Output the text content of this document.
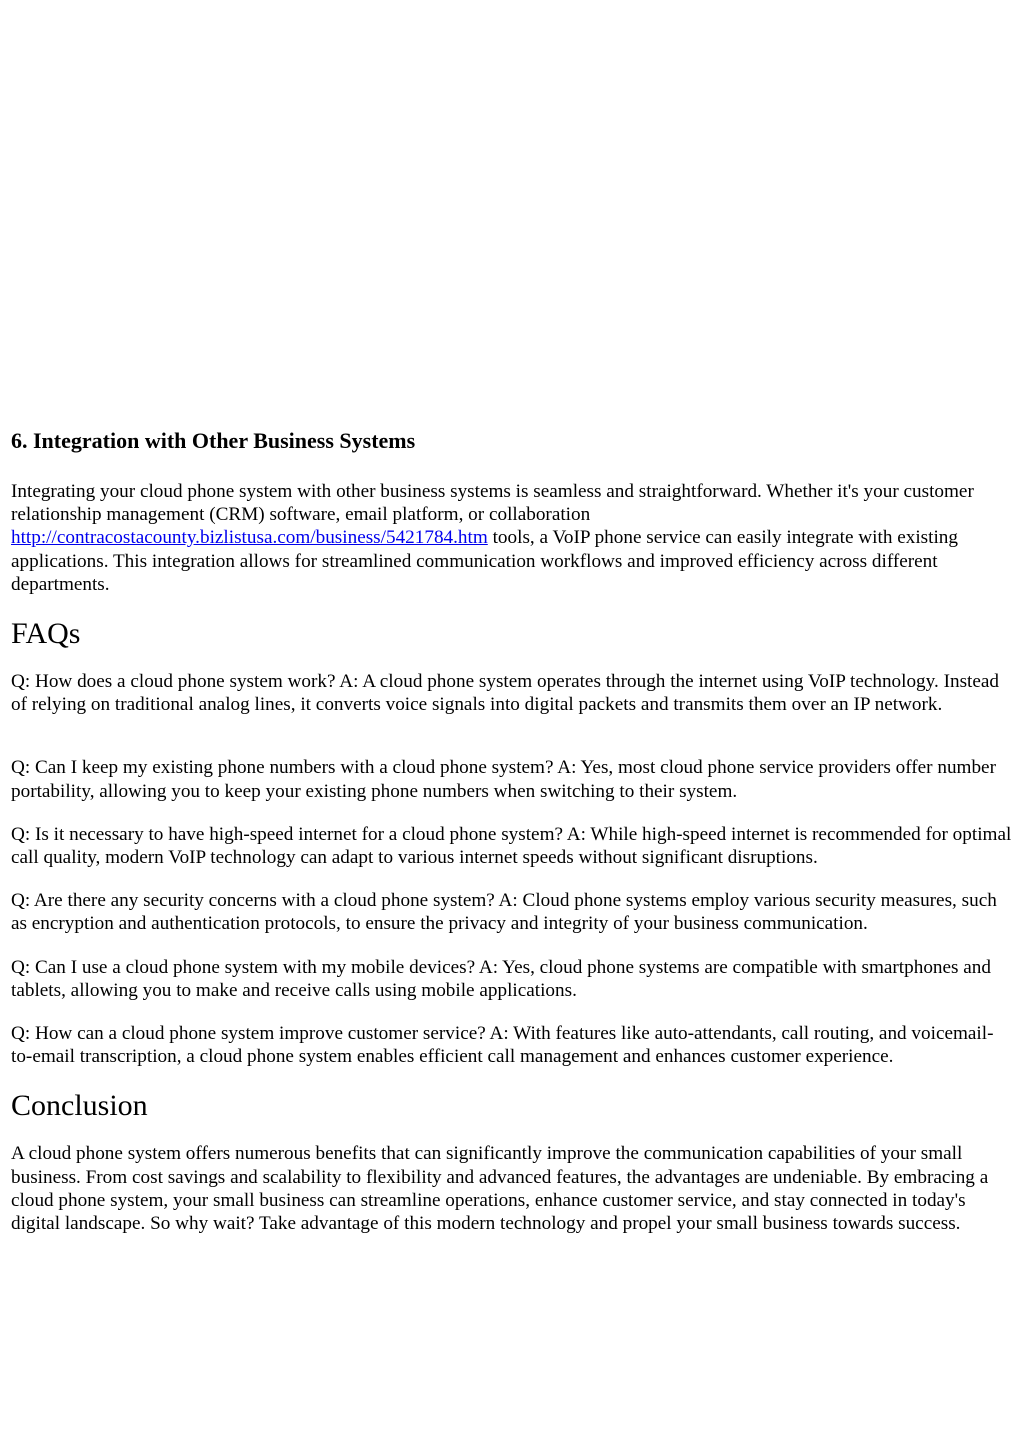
6. Integration with Other Business Systems

Integrating your cloud phone system with other business systems is seamless and straightforward. Whether it's your customer relationship management (CRM) software, email platform, or collaboration http://contracostacounty.bizlistusa.com/business/5421784.htm tools, a VoIP phone service can easily integrate with existing applications. This integration allows for streamlined communication workflows and improved efficiency across different departments.

FAQs

Q: How does a cloud phone system work? A: A cloud phone system operates through the internet using VoIP technology. Instead of relying on traditional analog lines, it converts voice signals into digital packets and transmits them over an IP network.

Q: Can I keep my existing phone numbers with a cloud phone system? A: Yes, most cloud phone service providers offer number portability, allowing you to keep your existing phone numbers when switching to their system.

Q: Is it necessary to have high-speed internet for a cloud phone system? A: While high-speed internet is recommended for optimal call quality, modern VoIP technology can adapt to various internet speeds without significant disruptions.

Q: Are there any security concerns with a cloud phone system? A: Cloud phone systems employ various security measures, such as encryption and authentication protocols, to ensure the privacy and integrity of your business communication.

Q: Can I use a cloud phone system with my mobile devices? A: Yes, cloud phone systems are compatible with smartphones and tablets, allowing you to make and receive calls using mobile applications.

Q: How can a cloud phone system improve customer service? A: With features like auto-attendants, call routing, and voicemail-to-email transcription, a cloud phone system enables efficient call management and enhances customer experience.

Conclusion

A cloud phone system offers numerous benefits that can significantly improve the communication capabilities of your small business. From cost savings and scalability to flexibility and advanced features, the advantages are undeniable. By embracing a cloud phone system, your small business can streamline operations, enhance customer service, and stay connected in today's digital landscape. So why wait? Take advantage of this modern technology and propel your small business towards success.
